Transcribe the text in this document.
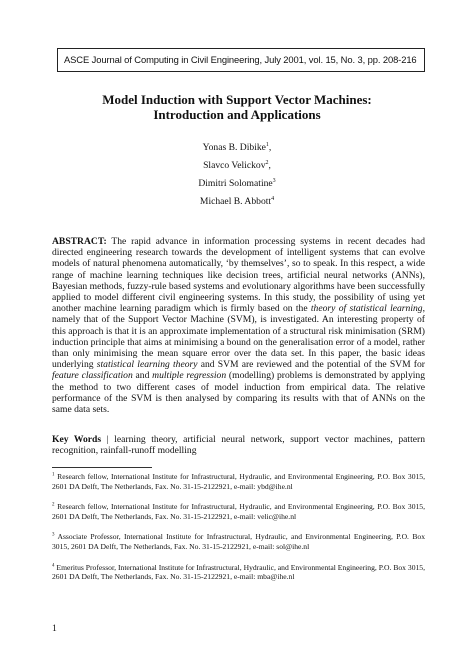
ASCE Journal of Computing in Civil Engineering, July 2001, vol. 15, No. 3, pp. 208-216
Model Induction with Support Vector Machines:
Introduction and Applications
Yonas B. Dibike$^1$,
Slavco Velickov$^2$,
Dimitri Solomatine$^3$
Michael B. Abbott$^4$

ABSTRACT: The rapid advance in information processing systems in recent decades had directed engineering research towards the development of intelligent systems that can evolve models of natural phenomena automatically, ‘by themselves’, so to speak. In this respect, a wide range of machine learning techniques like decision trees, artificial neural networks (ANNs), Bayesian methods, fuzzy-rule based systems and evolutionary algorithms have been successfully applied to model different civil engineering systems. In this study, the possibility of using yet another machine learning paradigm which is firmly based on the theory of statistical learning, namely that of the Support Vector Machine (SVM), is investigated. An interesting property of this approach is that it is an approximate implementation of a structural risk minimisation (SRM) induction principle that aims at minimising a bound on the generalisation error of a model, rather than only minimising the mean square error over the data set. In this paper, the basic ideas underlying statistical learning theory and SVM are reviewed and the potential of the SVM for feature classification and multiple regression (modelling) problems is demonstrated by applying the method to two different cases of model induction from empirical data. The relative performance of the SVM is then analysed by comparing its results with that of ANNs on the same data sets.

Key Words | learning theory, artificial neural network, support vector machines, pattern recognition, rainfall-runoff modelling

$^1$ Research fellow, International Institute for Infrastructural, Hydraulic, and Environmental Engineering, P.O. Box 3015, 2601 DA Delft, The Netherlands, Fax. No. 31-15-2122921, e-mail: ybd@ihe.nl

$^2$ Research fellow, International Institute for Infrastructural, Hydraulic, and Environmental Engineering, P.O. Box 3015, 2601 DA Delft, The Netherlands, Fax. No. 31-15-2122921, e-mail: velic@ihe.nl

$^3$ Associate Professor, International Institute for Infrastructural, Hydraulic, and Environmental Engineering, P.O. Box 3015, 2601 DA Delft, The Netherlands, Fax. No. 31-15-2122921, e-mail: sol@ihe.nl

$^4$ Emeritus Professor, International Institute for Infrastructural, Hydraulic, and Environmental Engineering, P.O. Box 3015, 2601 DA Delft, The Netherlands, Fax. No. 31-15-2122921, e-mail: mba@ihe.nl

1
